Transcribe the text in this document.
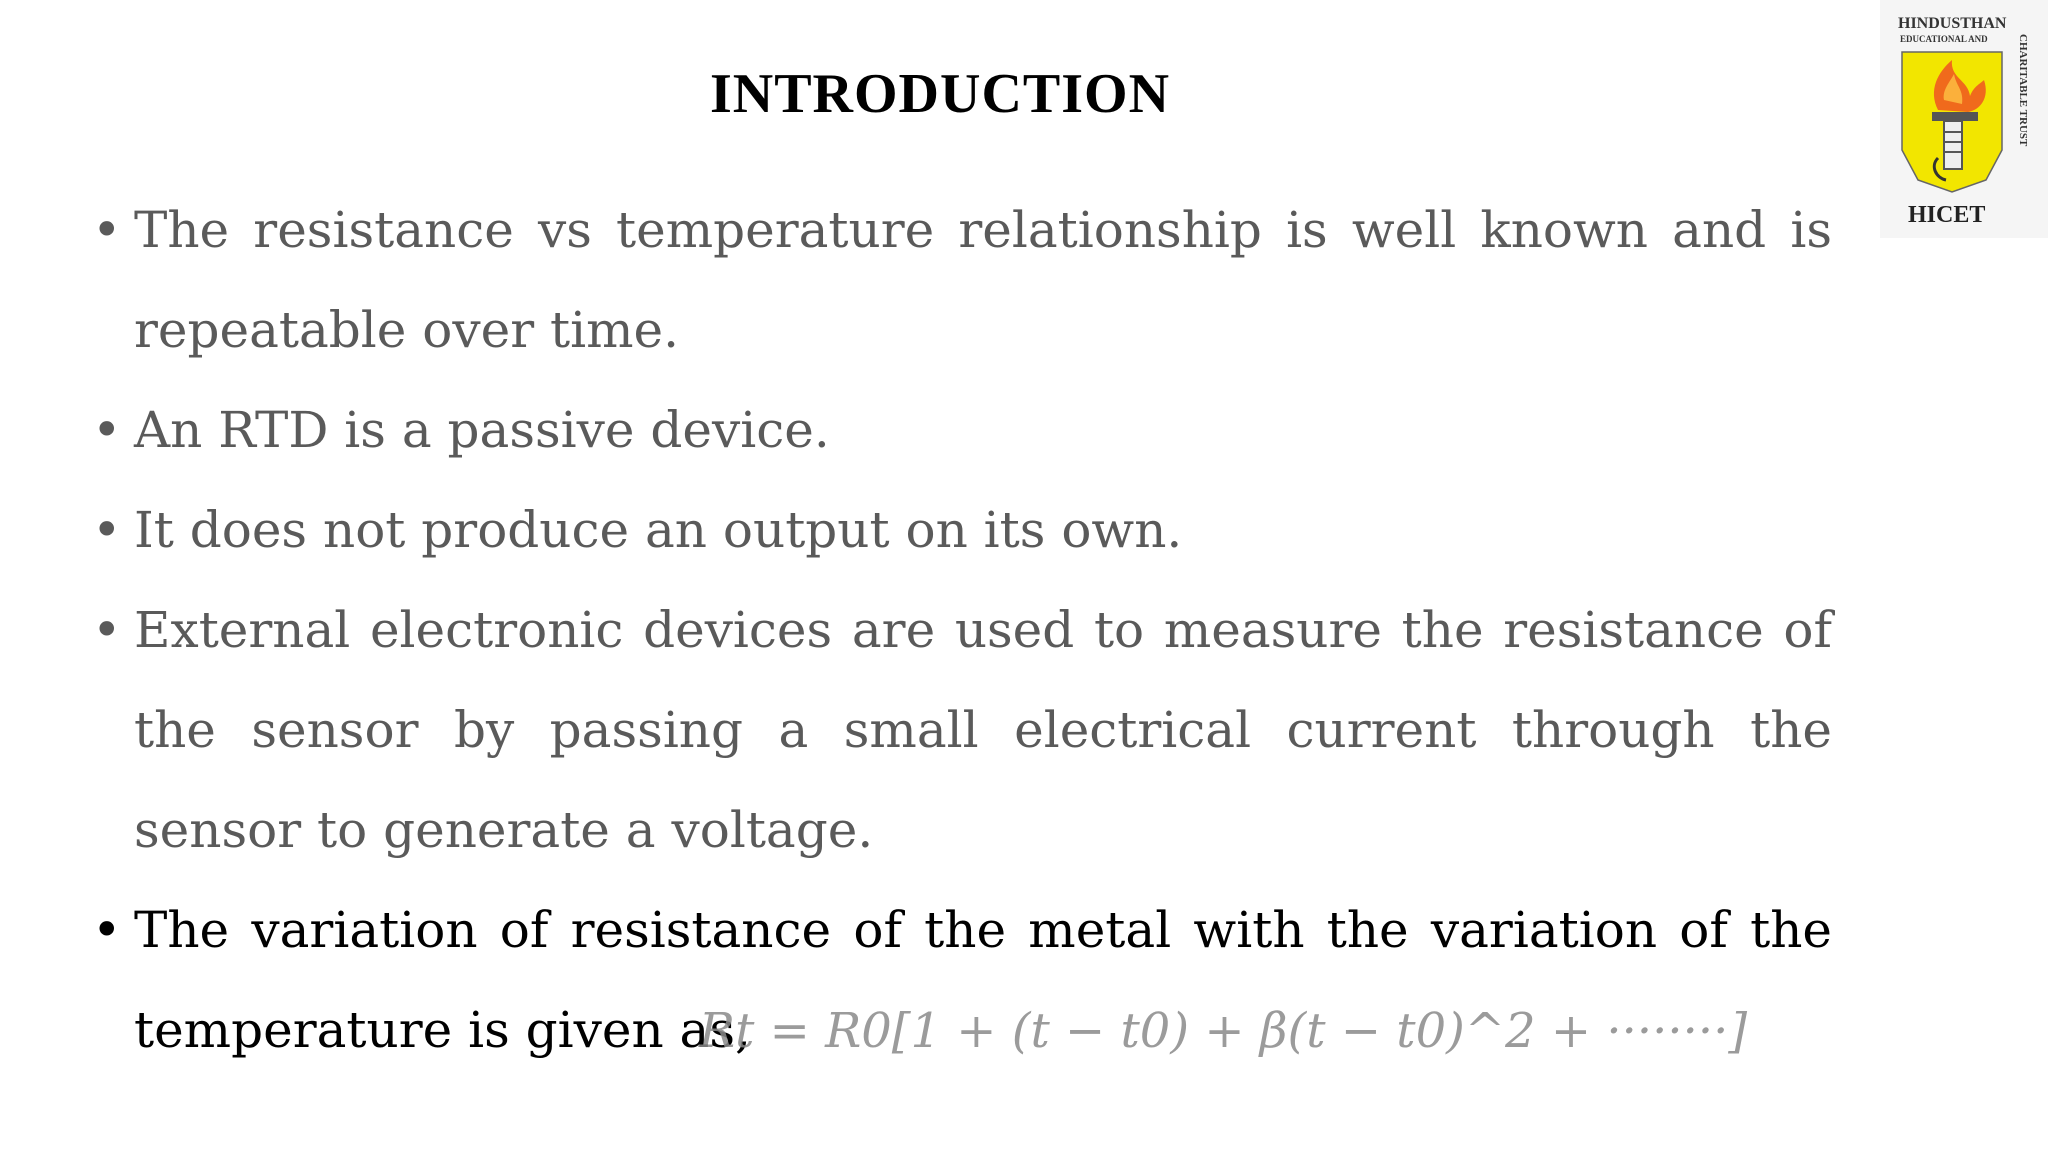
INTRODUCTION
HINDUSTHAN
EDUCATIONAL AND	CHARITABLE TRUST
HICET
• The resistance vs temperature relationship is well known and is repeatable over time.
• An RTD is a passive device.
• It does not produce an output on its own.
• External electronic devices are used to measure the resistance of the sensor by passing a small electrical current through the sensor to generate a voltage.
• The variation of resistance of the metal with the variation of the temperature is given as,Rt = R0[1 + (t − t0) + β(t − t0)^2 + ········]
